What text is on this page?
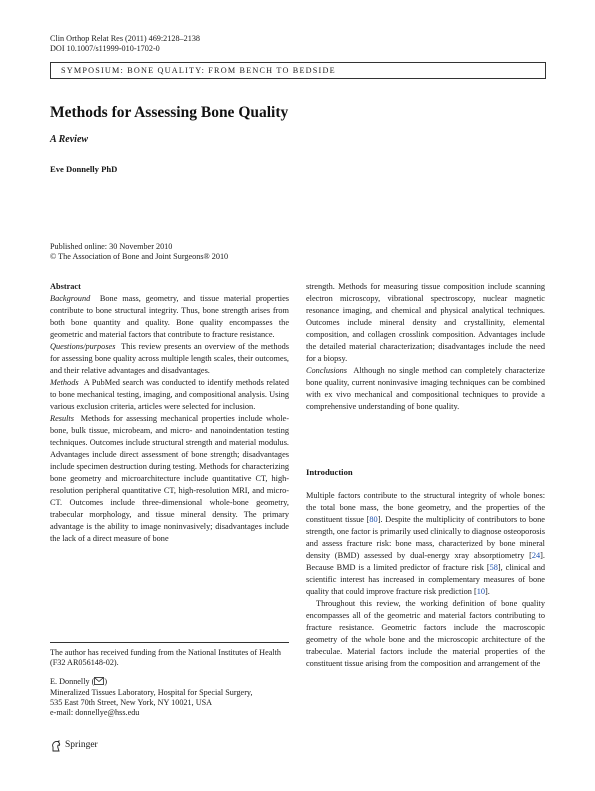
Clin Orthop Relat Res (2011) 469:2128–2138
DOI 10.1007/s11999-010-1702-0
SYMPOSIUM: BONE QUALITY: FROM BENCH TO BEDSIDE
Methods for Assessing Bone Quality
A Review
Eve Donnelly PhD
Published online: 30 November 2010
© The Association of Bone and Joint Surgeons® 2010

Abstract

Background Bone mass, geometry, and tissue material properties contribute to bone structural integrity. Thus, bone strength arises from both bone quantity and quality. Bone quality encompasses the geometric and material factors that contribute to fracture resistance.

Questions/purposes This review presents an overview of the methods for assessing bone quality across multiple length scales, their outcomes, and their relative advantages and disadvantages.

Methods A PubMed search was conducted to identify methods related to bone mechanical testing, imaging, and compositional analysis. Using various exclusion criteria, articles were selected for inclusion.

Results Methods for assessing mechanical properties include whole-bone, bulk tissue, microbeam, and micro- and nanoindentation testing techniques. Outcomes include structural strength and material modulus. Advantages include direct assessment of bone strength; disadvantages include specimen destruction during testing. Methods for characterizing bone geometry and microarchitecture include quantitative CT, high-resolution peripheral quantitative CT, high-resolution MRI, and micro-CT. Outcomes include three-dimensional whole-bone geometry, trabecular morphology, and tissue mineral density. The primary advantage is the ability to image noninvasively; disadvantages include the lack of a direct measure of bone

strength. Methods for measuring tissue composition include scanning electron microscopy, vibrational spectroscopy, nuclear magnetic resonance imaging, and chemical and physical analytical techniques. Outcomes include mineral density and crystallinity, elemental composition, and collagen crosslink composition. Advantages include the detailed material characterization; disadvantages include the need for a biopsy.

Conclusions Although no single method can completely characterize bone quality, current noninvasive imaging techniques can be combined with ex vivo mechanical and compositional techniques to provide a comprehensive understanding of bone quality.

Introduction

Multiple factors contribute to the structural integrity of whole bones: the total bone mass, the bone geometry, and the properties of the constituent tissue [80]. Despite the multiplicity of contributors to bone strength, one factor is primarily used clinically to diagnose osteoporosis and assess fracture risk: bone mass, characterized by bone mineral density (BMD) assessed by dual-energy xray absorptiometry [24]. Because BMD is a limited predictor of fracture risk [58], clinical and scientific interest has increased in complementary measures of bone quality that could improve fracture risk prediction [10].

Throughout this review, the working definition of bone quality encompasses all of the geometric and material factors contributing to fracture resistance. Geometric factors include the macroscopic geometry of the whole bone and the microscopic architecture of the trabeculae. Material factors include the material properties of the constituent tissue arising from the composition and arrangement of the

The author has received funding from the National Institutes of Health (F32 AR056148-02).
E. Donnelly ( )
Mineralized Tissues Laboratory, Hospital for Special Surgery,
535 East 70th Street, New York, NY 10021, USA
e-mail: donnellye@hss.edu
Springer
